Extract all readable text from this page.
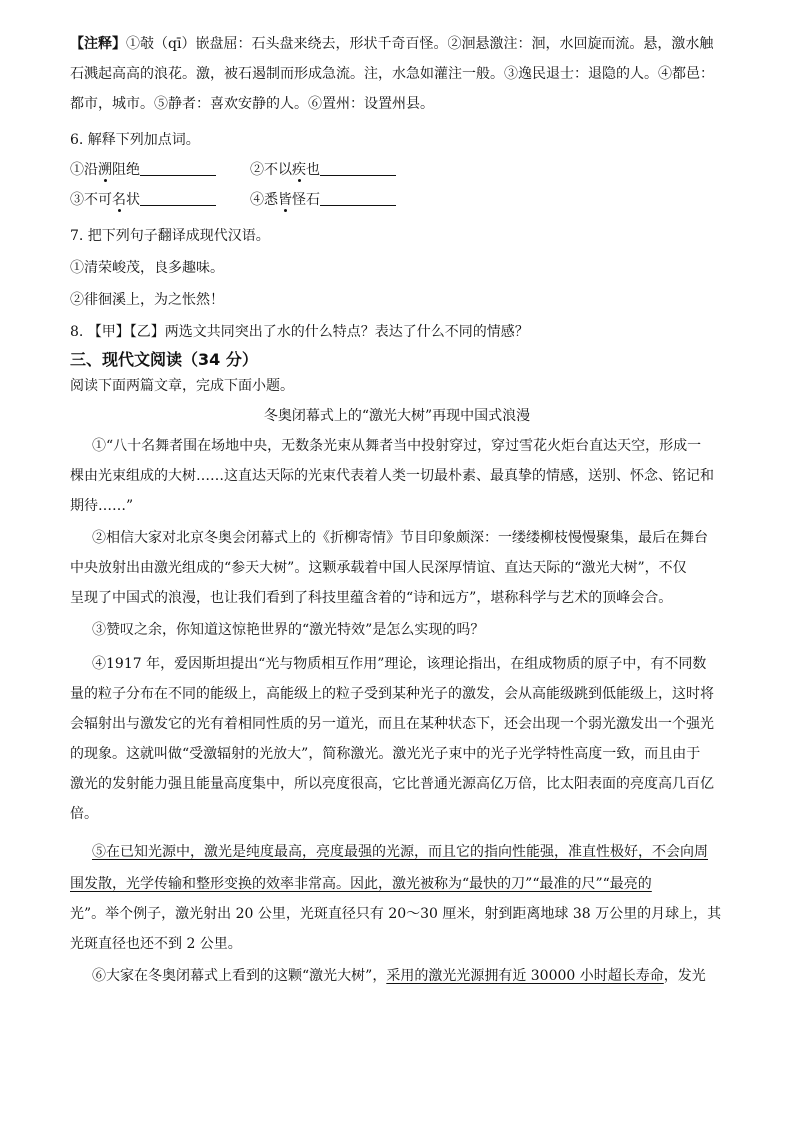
【注释】①攲（qī）嵌盘屈：石头盘来绕去，形状千奇百怪。②洄悬激注：洄，水回旋而流。悬，激水触
石溅起高高的浪花。激，被石遏制而形成急流。注，水急如灌注一般。③逸民退士：退隐的人。④都邑：
都市，城市。⑤静者：喜欢安静的人。⑥置州：设置州县。
6. 解释下列加点词。
①沿溯阻绝	②不以疾也
③不可名状	④悉皆怪石
7. 把下列句子翻译成现代汉语。
①清荣峻茂，良多趣味。
②徘徊溪上，为之怅然！
8. 【甲】【乙】两选文共同突出了水的什么特点？表达了什么不同的情感？
三、现代文阅读（34 分）
阅读下面两篇文章，完成下面小题。
冬奥闭幕式上的“激光大树”再现中国式浪漫
①“八十名舞者围在场地中央，无数条光束从舞者当中投射穿过，穿过雪花火炬台直达天空，形成一
棵由光束组成的大树……这直达天际的光束代表着人类一切最朴素、最真挚的情感，送别、怀念、铭记和
期待……”
②相信大家对北京冬奥会闭幕式上的《折柳寄情》节目印象颇深：一缕缕柳枝慢慢聚集，最后在舞台
中央放射出由激光组成的“参天大树”。这颗承载着中国人民深厚情谊、直达天际的“激光大树”，不仅
呈现了中国式的浪漫，也让我们看到了科技里蕴含着的“诗和远方”，堪称科学与艺术的顶峰会合。
③赞叹之余，你知道这惊艳世界的“激光特效”是怎么实现的吗？
④1917 年，爱因斯坦提出“光与物质相互作用”理论，该理论指出，在组成物质的原子中，有不同数
量的粒子分布在不同的能级上，高能级上的粒子受到某种光子的激发，会从高能级跳到低能级上，这时将
会辐射出与激发它的光有着相同性质的另一道光，而且在某种状态下，还会出现一个弱光激发出一个强光
的现象。这就叫做“受激辐射的光放大”，简称激光。激光光子束中的光子光学特性高度一致，而且由于
激光的发射能力强且能量高度集中，所以亮度很高，它比普通光源高亿万倍，比太阳表面的亮度高几百亿
倍。
⑤在已知光源中，激光是纯度最高，亮度最强的光源，而且它的指向性能强，准直性极好，不会向周
围发散，光学传输和整形变换的效率非常高。因此，激光被称为“最快的刀”“最准的尺”“最亮的
光”。举个例子，激光射出 20 公里，光斑直径只有 20～30 厘米，射到距离地球 38 万公里的月球上，其
光斑直径也还不到 2 公里。
⑥大家在冬奥闭幕式上看到的这颗“激光大树”，采用的激光光源拥有近 30000 小时超长寿命，发光
